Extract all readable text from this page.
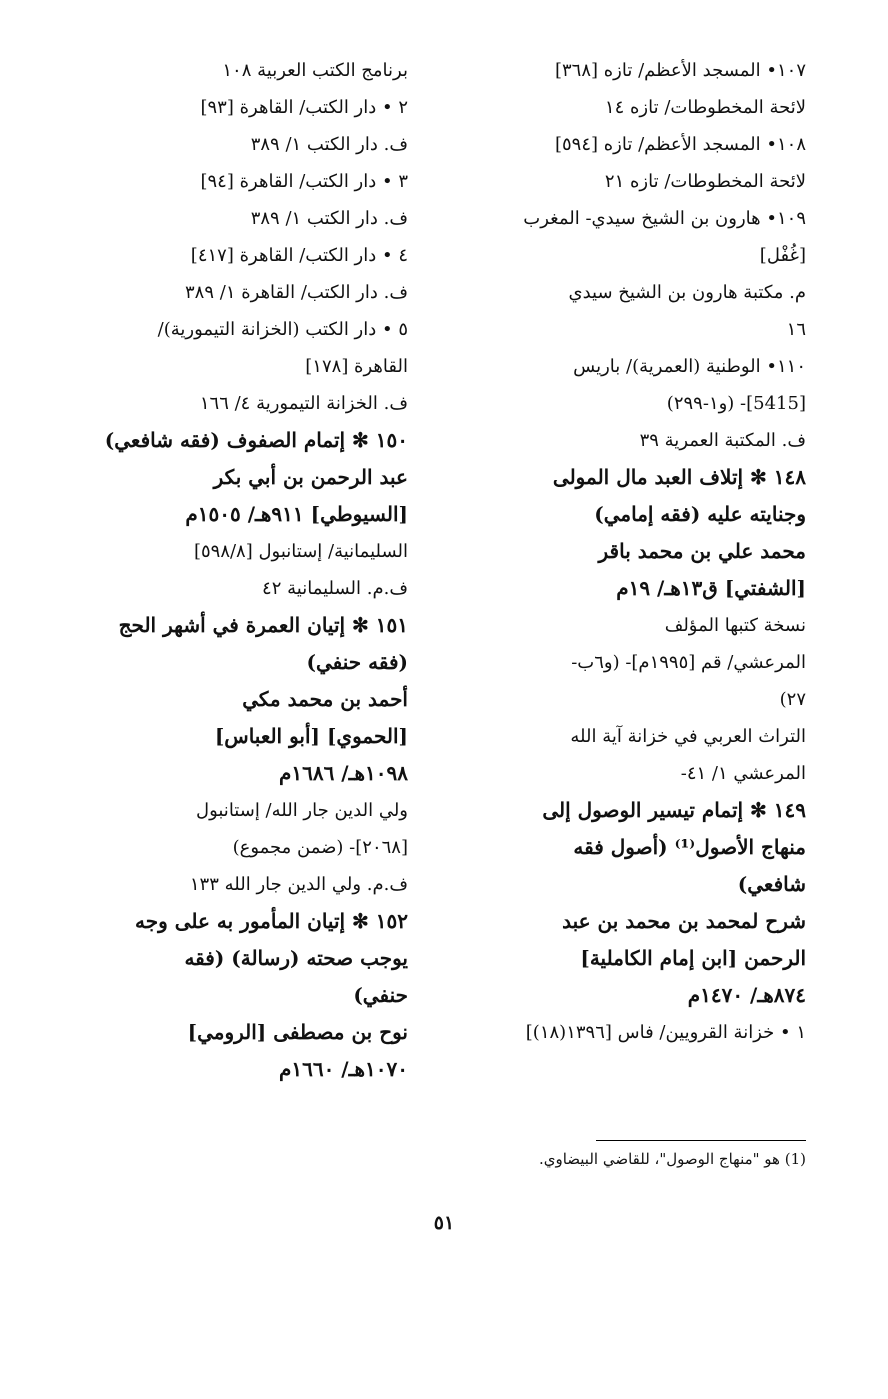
١٠٧• المسجد الأعظم/ تازه [٣٦٨]
لائحة المخطوطات/ تازه ١٤
١٠٨• المسجد الأعظم/ تازه [٥٩٤]
لائحة المخطوطات/ تازه ٢١
١٠٩• هارون بن الشيخ سيدي- المغرب
[غُفْل]
م. مكتبة هارون بن الشيخ سيدي
١٦
١١٠• الوطنية (العمرية)/ باريس
[5415]- (و١-٢٩٩)
ف. المكتبة العمرية ٣٩
١٤٨ ✻ إتلاف العبد مال المولى
وجنايته عليه (فقه إمامي)
محمد علي بن محمد باقر
[الشفتي] ق١٣هـ/ ١٩م
نسخة كتبها المؤلف
المرعشي/ قم [١٩٩٥م]- (و٦ب-
٢٧)
التراث العربي في خزانة آية الله
المرعشي ١/ ٤١-
١٤٩ ✻ إتمام تيسير الوصول إلى
منهاج الأصول⁽¹⁾ (أصول فقه
شافعي)
شرح لمحمد بن محمد بن عبد
الرحمن [ابن إمام الكاملية]
٨٧٤هـ/ ١٤٧٠م
١ • خزانة القرويين/ فاس [١٣٩٦(١٨)]
برنامج الكتب العربية ١٠٨
٢ • دار الكتب/ القاهرة [٩٣]
ف. دار الكتب ١/ ٣٨٩
٣ • دار الكتب/ القاهرة [٩٤]
ف. دار الكتب ١/ ٣٨٩
٤ • دار الكتب/ القاهرة [٤١٧]
ف. دار الكتب/ القاهرة ١/ ٣٨٩
٥ • دار الكتب (الخزانة التيمورية)/
القاهرة [١٧٨]
ف. الخزانة التيمورية ٤/ ١٦٦
١٥٠ ✻ إتمام الصفوف (فقه شافعي)
عبد الرحمن بن أبي بكر
[السيوطي] ٩١١هـ/ ١٥٠٥م
السليمانية/ إستانبول [٥٩٨/٨]
ف.م. السليمانية ٤٢
١٥١ ✻ إتيان العمرة في أشهر الحج
(فقه حنفي)
أحمد بن محمد مكي
[الحموي] [أبو العباس]
١٠٩٨هـ/ ١٦٨٦م
ولي الدين جار الله/ إستانبول
[٢٠٦٨]- (ضمن مجموع)
ف.م. ولي الدين جار الله ١٣٣
١٥٢ ✻ إتيان المأمور به على وجه
يوجب صحته (رسالة) (فقه
حنفي)
نوح بن مصطفى [الرومي]
١٠٧٠هـ/ ١٦٦٠م
(1) هو "منهاج الوصول"، للقاضي البيضاوي.
٥١
